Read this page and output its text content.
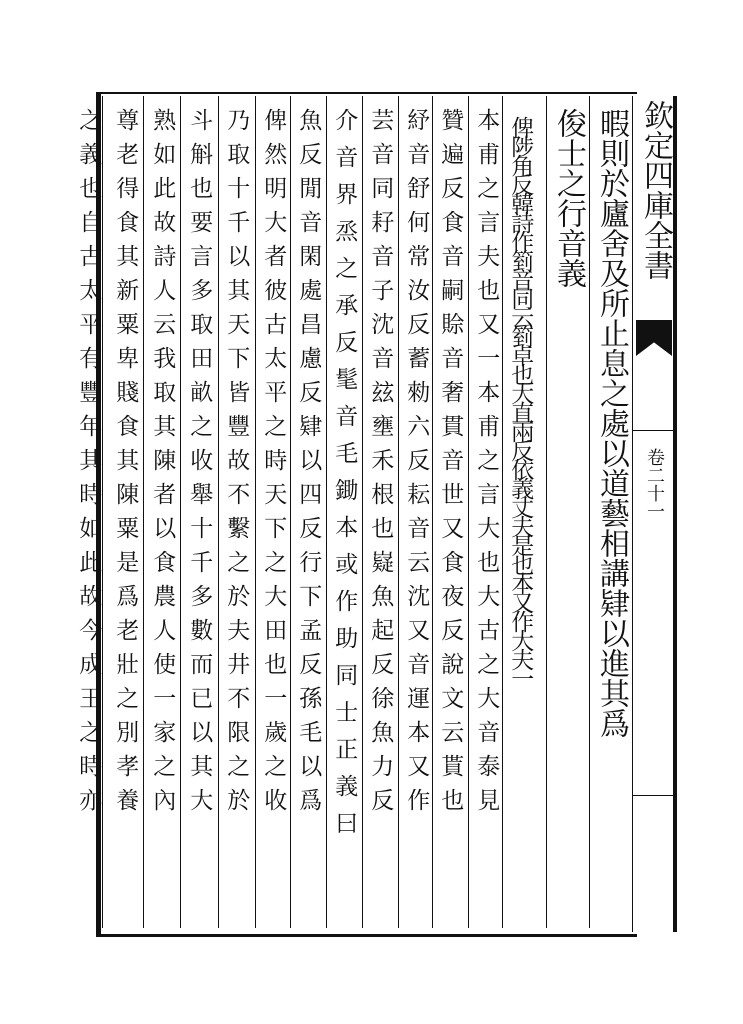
欽定四庫全書
卷二十一
暇則於廬舍及所止息之處以道藝相講肄以進其爲
俊士之行音義
俾陟角反韓詩作箌音同云箌卓也大直兩反依義丈夫是也本又作大夫一
本甫之言夫也又一本甫之言大也大古之大音泰見
贊遍反食音嗣賒音奢貫音世又食夜反說文云貰也
紓音舒何常汝反蓄勑六反耘音云沈又音運本又作
芸音同耔音子沈音玆壅禾根也嶷魚起反徐魚力反
介音界烝之承反髦音毛鋤本或作助同士正義曰
魚反閒音閑處昌慮反肄以四反行下孟反孫毛以爲
俾然明大者彼古太平之時天下之大田也一歲之收
乃取十千以其天下皆豐故不繫之於夫井不限之於
斗斛也要言多取田畝之收舉十千多數而已以其大
熟如此故詩人云我取其陳者以食農人使一家之內
尊老得食其新粟卑賤食其陳粟是爲老壯之別孝養
之義也自古太平有豐年其時如此故今成王之時亦
